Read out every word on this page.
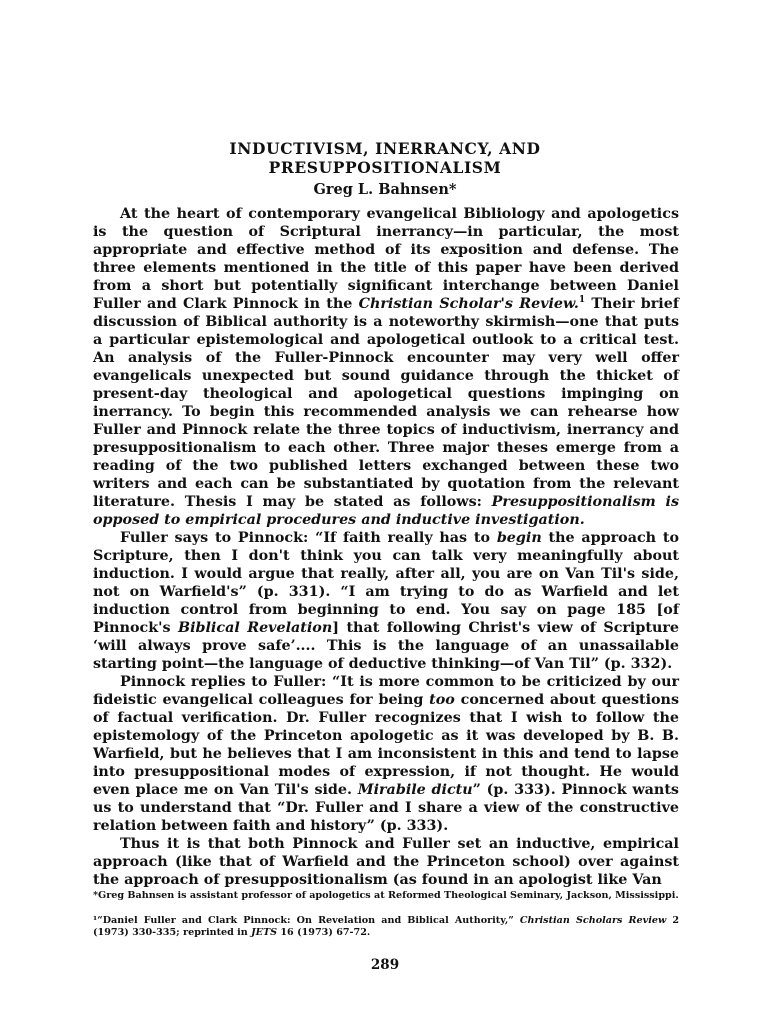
INDUCTIVISM, INERRANCY, AND
PRESUPPOSITIONALISM
Greg L. Bahnsen*

At the heart of contemporary evangelical Bibliology and apologetics is the question of Scriptural inerrancy—in particular, the most appropriate and effective method of its exposition and defense. The three elements mentioned in the title of this paper have been derived from a short but potentially significant interchange between Daniel Fuller and Clark Pinnock in the Christian Scholar's Review.$^1$ Their brief discussion of Biblical authority is a noteworthy skirmish—one that puts a particular epistemological and apologetical outlook to a critical test. An analysis of the Fuller-Pinnock encounter may very well offer evangelicals unexpected but sound guidance through the thicket of present-day theological and apologetical questions impinging on inerrancy. To begin this recommended analysis we can rehearse how Fuller and Pinnock relate the three topics of inductivism, inerrancy and presuppositionalism to each other. Three major theses emerge from a reading of the two published letters exchanged between these two writers and each can be substantiated by quotation from the relevant literature. Thesis I may be stated as follows: Presuppositionalism is opposed to empirical procedures and inductive investigation.

Fuller says to Pinnock: “If faith really has to begin the approach to Scripture, then I don't think you can talk very meaningfully about induction. I would argue that really, after all, you are on Van Til's side, not on Warfield's” (p. 331). “I am trying to do as Warfield and let induction control from beginning to end. You say on page 185 [of Pinnock's Biblical Revelation] that following Christ's view of Scripture ‘will always prove safe’.... This is the language of an unassailable starting point—the language of deductive thinking—of Van Til” (p. 332).

Pinnock replies to Fuller: “It is more common to be criticized by our fideistic evangelical colleagues for being too concerned about questions of factual verification. Dr. Fuller recognizes that I wish to follow the epistemology of the Princeton apologetic as it was developed by B. B. Warfield, but he believes that I am inconsistent in this and tend to lapse into presuppositional modes of expression, if not thought. He would even place me on Van Til's side. Mirabile dictu” (p. 333). Pinnock wants us to understand that “Dr. Fuller and I share a view of the constructive relation between faith and history” (p. 333).

Thus it is that both Pinnock and Fuller set an inductive, empirical approach (like that of Warfield and the Princeton school) over against the approach of presuppositionalism (as found in an apologist like Van

*Greg Bahnsen is assistant professor of apologetics at Reformed Theological Seminary, Jackson, Mississippi.

¹“Daniel Fuller and Clark Pinnock: On Revelation and Biblical Authority,” Christian Scholars Review 2 (1973) 330-335; reprinted in JETS 16 (1973) 67-72.

289
